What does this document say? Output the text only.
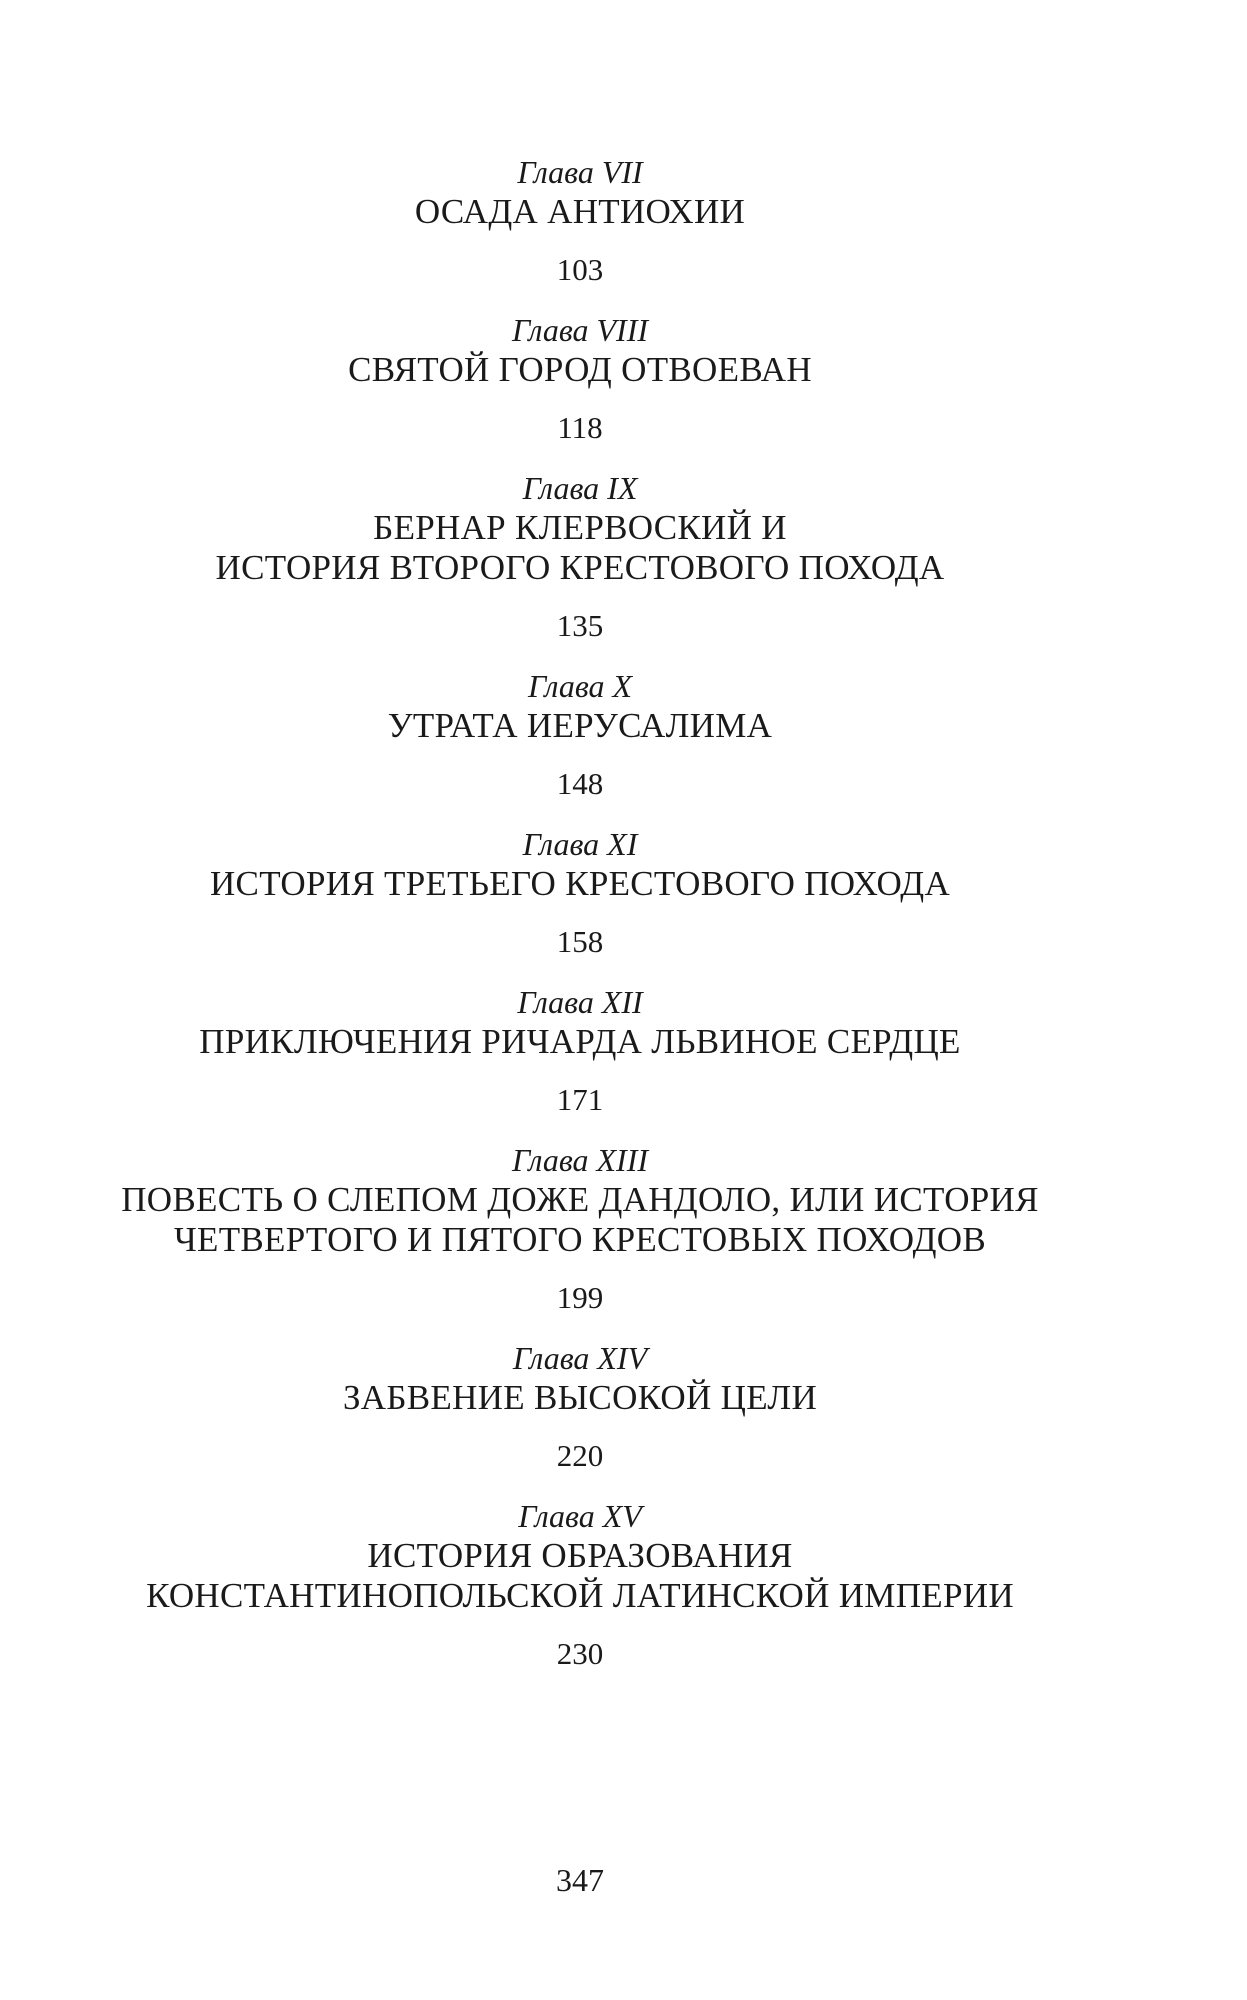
Глава VII
ОСАДА АНТИОХИИ
103
Глава VIII
СВЯТОЙ ГОРОД ОТВОЕВАН
118
Глава IX
БЕРНАР КЛЕРВОСКИЙ И
ИСТОРИЯ ВТОРОГО КРЕСТОВОГО ПОХОДА
135
Глава X
УТРАТА ИЕРУСАЛИМА
148
Глава XI
ИСТОРИЯ ТРЕТЬЕГО КРЕСТОВОГО ПОХОДА
158
Глава XII
ПРИКЛЮЧЕНИЯ РИЧАРДА ЛЬВИНОЕ СЕРДЦЕ
171
Глава XIII
ПОВЕСТЬ О СЛЕПОМ ДОЖЕ ДАНДОЛО, ИЛИ ИСТОРИЯ
ЧЕТВЕРТОГО И ПЯТОГО КРЕСТОВЫХ ПОХОДОВ
199
Глава XIV
ЗАБВЕНИЕ ВЫСОКОЙ ЦЕЛИ
220
Глава XV
ИСТОРИЯ ОБРАЗОВАНИЯ
КОНСТАНТИНОПОЛЬСКОЙ ЛАТИНСКОЙ ИМПЕРИИ
230
347
